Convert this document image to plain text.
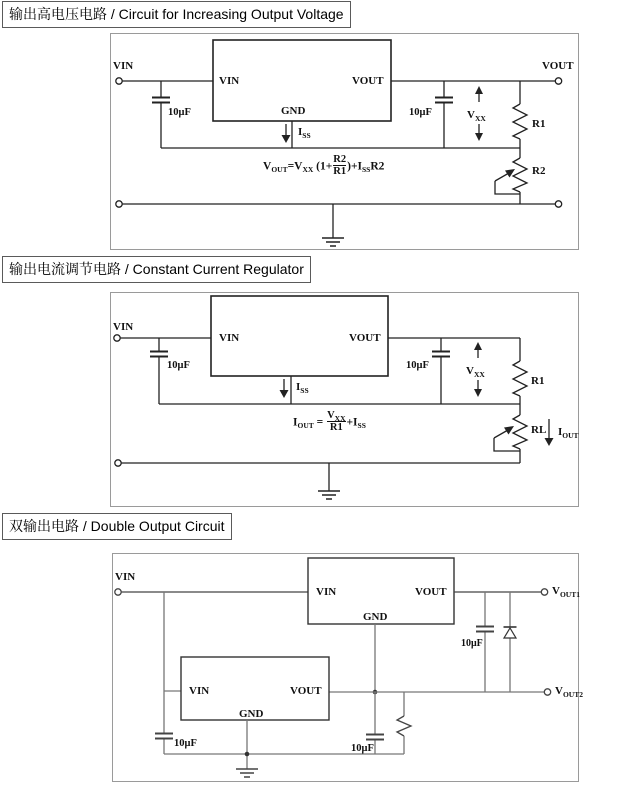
输出高电压电路 / Circuit for Increasing Output Voltage
VIN	VOUT
VIN	VOUT
GND
10μF	10μF
$I_{SS}$
$V_{XX}$	R1
R2
$V_{OUT}=V_{XX}$ $(1+ \frac{R2}{R1} )+I_{SS}R2$
输出电流调节电路 / Constant Current Regulator
VIN
VIN	VOUT
10μF	10μF
$I_{SS}$
$V_{XX}$
R1
RL $I_{OUT}$
$I_{OUT} = \frac{V_{XX}}{R1} +I_{SS}$
双输出电路 / Double Output Circuit
VIN
VIN	VOUT
GND
$V_{OUT1}$
10μF
$V_{OUT2}$
VIN	VOUT
GND
10μF	10μF
